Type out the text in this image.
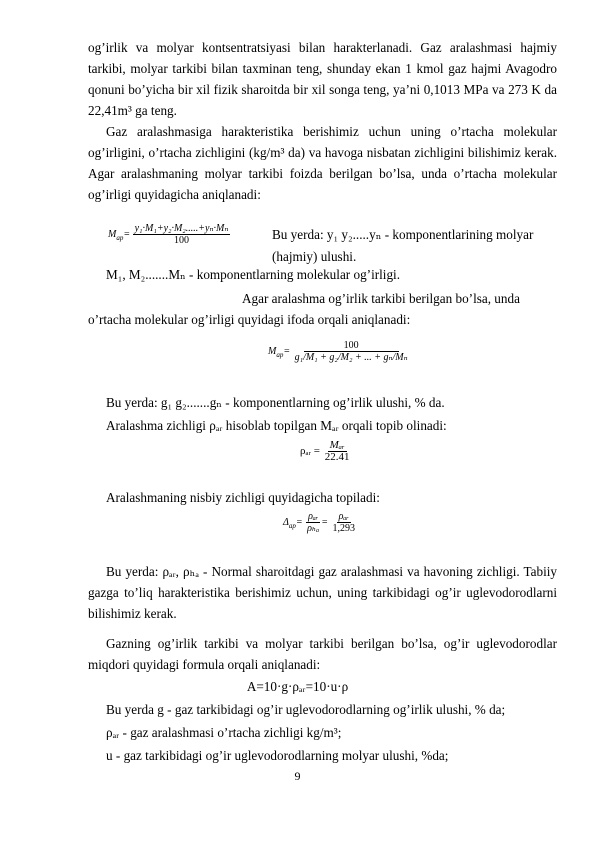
og’irlik va molyar kontsentratsiyasi bilan harakterlanadi. Gaz aralashmasi hajmiy tarkibi, molyar tarkibi bilan taxminan teng, shunday ekan 1 kmol gaz hajmi Avagodro qonuni bo’yicha bir xil fizik sharoitda bir xil songa teng, ya’ni 0,1013 MPa va 273 K da 22,41m³ ga teng.

Gaz aralashmasiga harakteristika berishimiz uchun uning o’rtacha molekular og’irligini, o’rtacha zichligini (kg/m³ da) va havoga nisbatan zichligini bilishimiz kerak. Agar aralashmaning molyar tarkibi foizda berilgan bo’lsa, unda o’rtacha molekular og’irligi quyidagicha aniqlanadi:

$M_{ap}= \frac{\text{y₁·M₁+y₂·M₂.....+yₙ·Mₙ}}{100}$	Bu yerda: y₁ y₂.....yₙ - komponentlarining molyar
(hajmiy) ulushi.
M₁, M₂.......Mₙ - komponentlarning molekular og’irligi.
Agar aralashma og’irlik tarkibi berilgan bo’lsa, unda
o’rtacha molekular og’irligi quyidagi ifoda orqali aniqlanadi:
$M_{ap}= \frac{100}{\text{g₁/M₁ + g₂/M₂ + ... + gₙ/Mₙ}}$
Bu yerda: g₁ g₂.......gₙ - komponentlarning og’irlik ulushi, % da.
Aralashma zichligi ρₐᵣ hisoblab topilgan Mₐᵣ orqali topib olinadi:
ρₐᵣ = $\frac{\text{Mₐᵣ}}{22.41}$
Aralashmaning nisbiy zichligi quyidagicha topiladi:
$\Delta_{ap}= \frac{\text{ρₐᵣ}}{\text{ρₕₐ}} = \frac{\text{ρₐᵣ}}{1,293}$

Bu yerda: ρₐᵣ, ρₕₐ - Normal sharoitdagi gaz aralashmasi va havoning zichligi. Tabiiy gazga to’liq harakteristika berishimiz uchun, uning tarkibidagi og’ir uglevodorodlarni bilishimiz kerak.

Gazning og’irlik tarkibi va molyar tarkibi berilgan bo’lsa, og’ir uglevodorodlar miqdori quyidagi formula orqali aniqlanadi:

A=10·g·ρₐᵣ=10·u·ρ
Bu yerda g - gaz tarkibidagi og’ir uglevodorodlarning og’irlik ulushi, % da;
ρₐᵣ - gaz aralashmasi o’rtacha zichligi kg/m³;
u - gaz tarkibidagi og’ir uglevodorodlarning molyar ulushi, %da;
9
